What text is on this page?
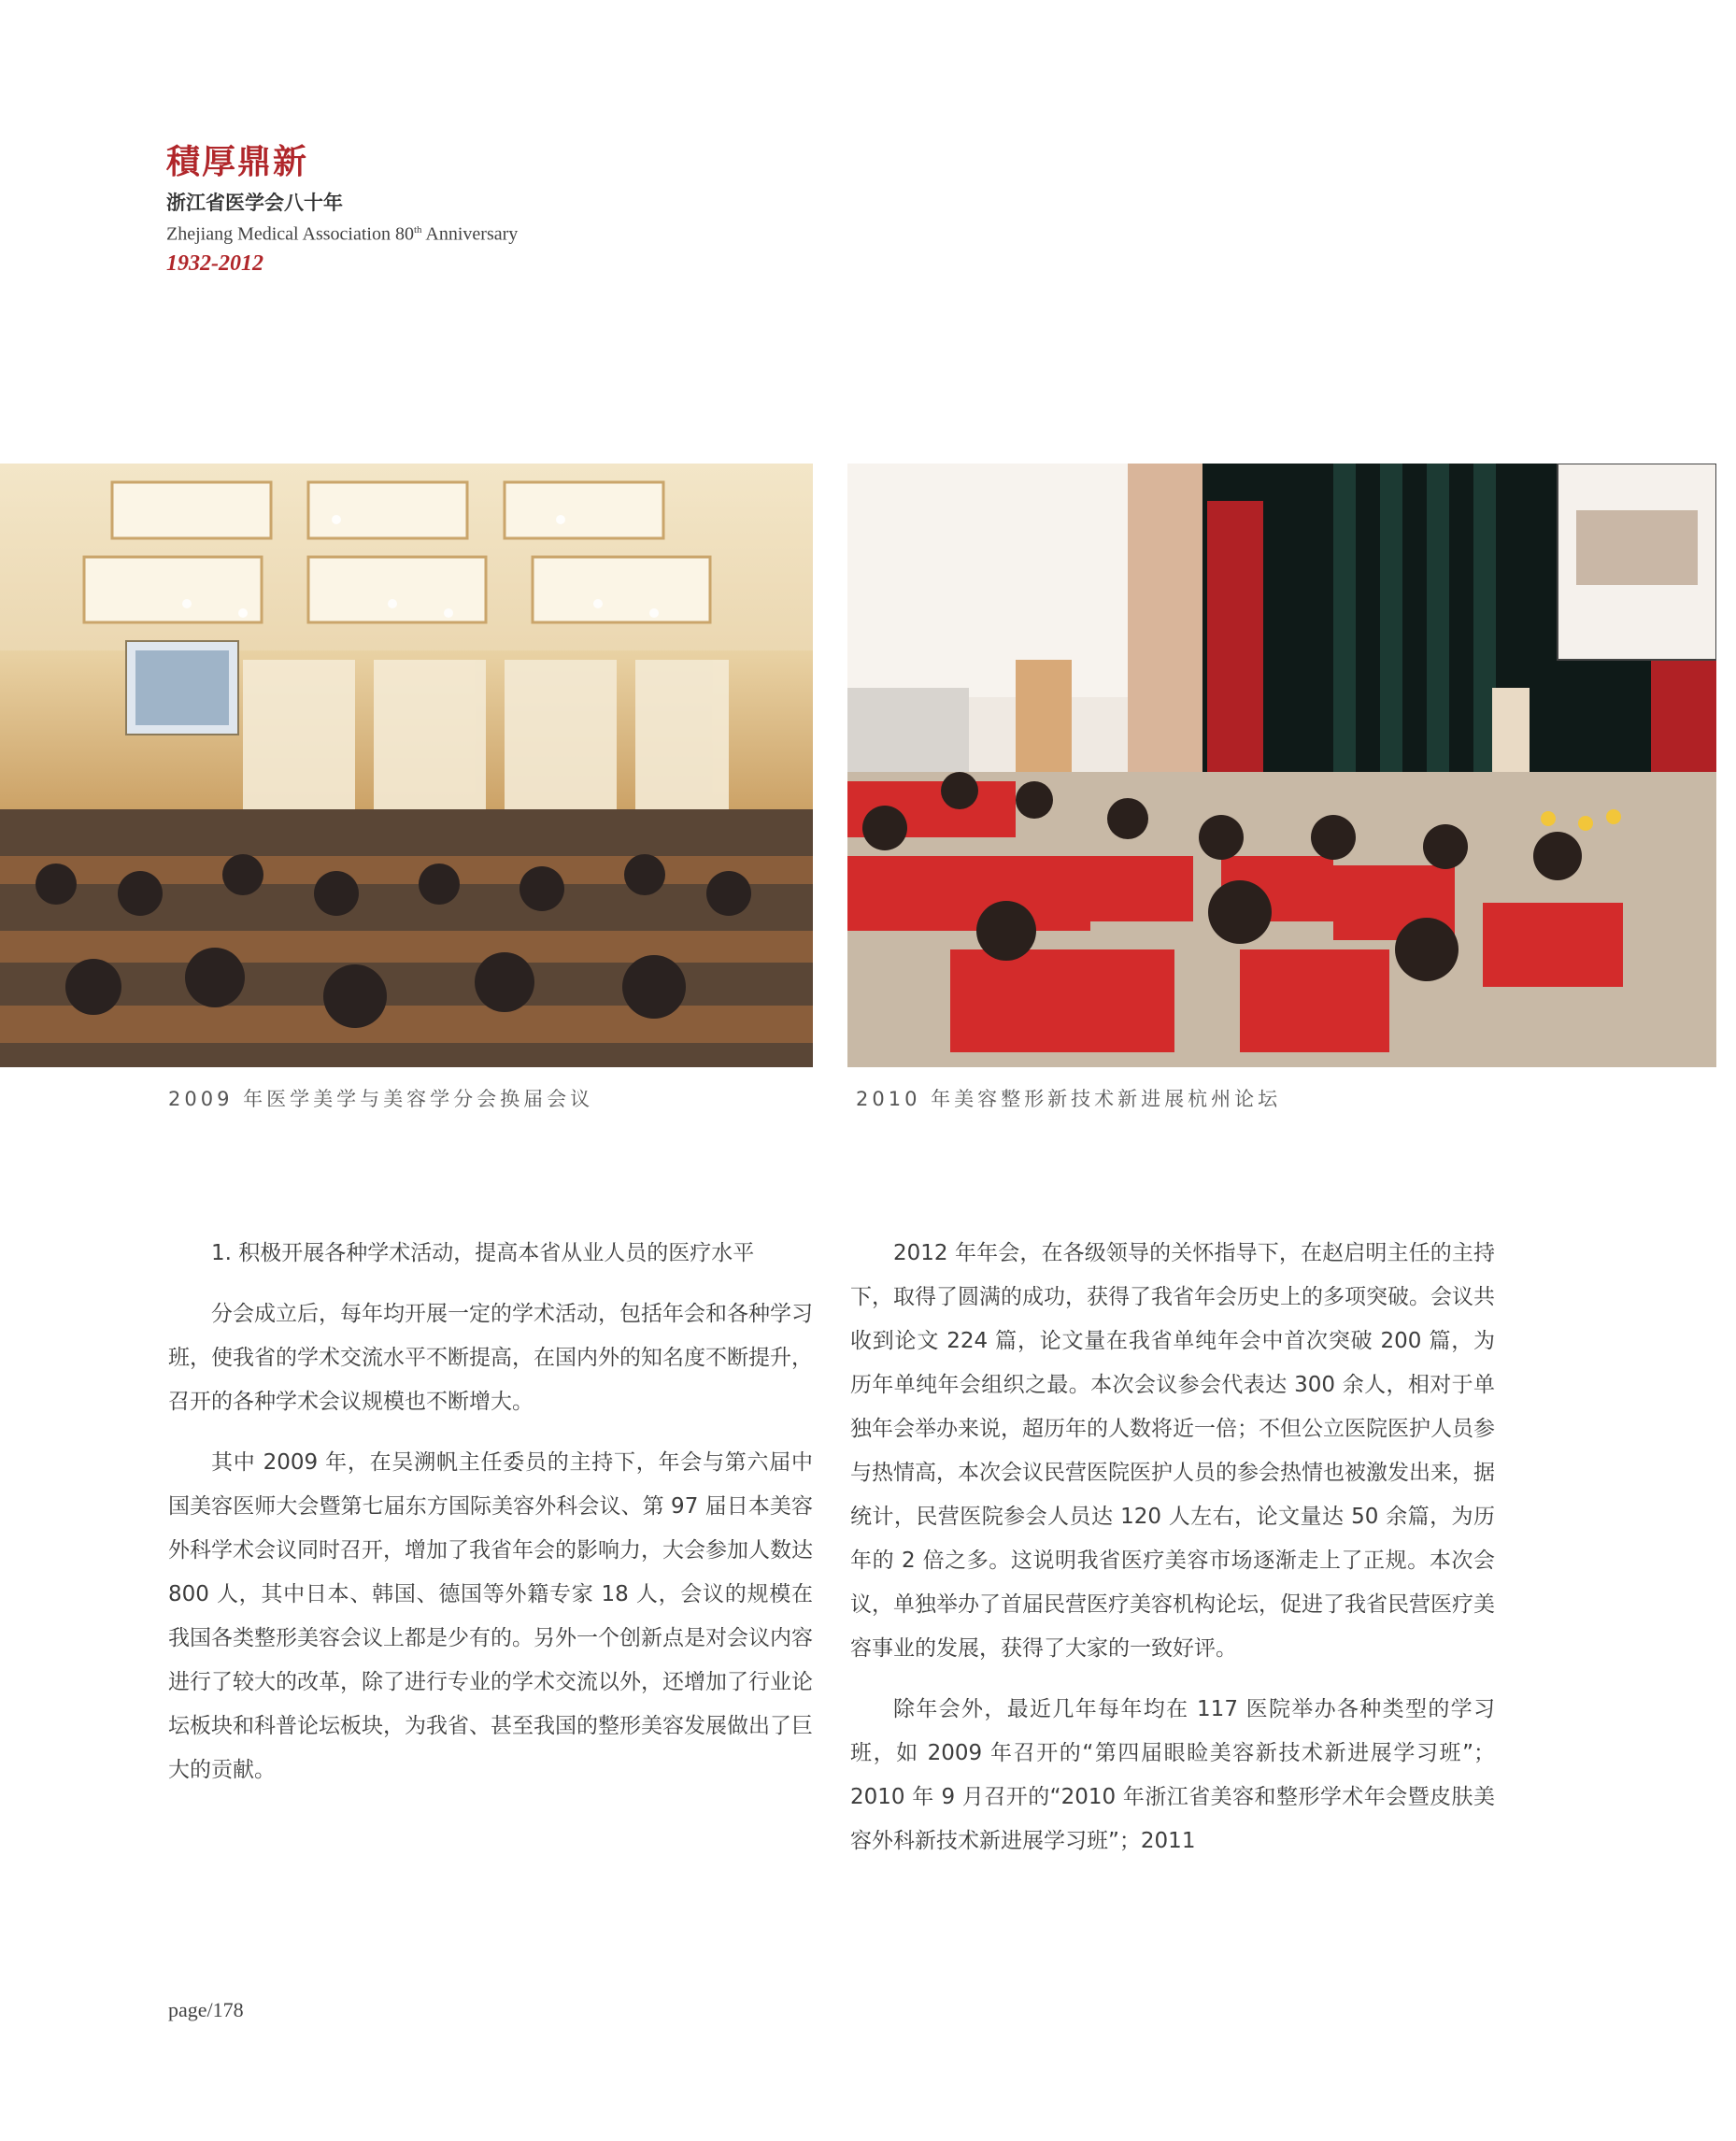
積厚鼎新
浙江省医学会八十年
Zhejiang Medical Association 80th Anniversary
1932-2012
2009 年医学美学与美容学分会换届会议	2010 年美容整形新技术新进展杭州论坛

1. 积极开展各种学术活动，提高本省从业人员的医疗水平

分会成立后，每年均开展一定的学术活动，包括年会和各种学习班，使我省的学术交流水平不断提高，在国内外的知名度不断提升，召开的各种学术会议规模也不断增大。

其中 2009 年，在吴溯帆主任委员的主持下，年会与第六届中国美容医师大会暨第七届东方国际美容外科会议、第 97 届日本美容外科学术会议同时召开，增加了我省年会的影响力，大会参加人数达 800 人，其中日本、韩国、德国等外籍专家 18 人，会议的规模在我国各类整形美容会议上都是少有的。另外一个创新点是对会议内容进行了较大的改革，除了进行专业的学术交流以外，还增加了行业论坛板块和科普论坛板块，为我省、甚至我国的整形美容发展做出了巨大的贡献。

2012 年年会，在各级领导的关怀指导下，在赵启明主任的主持下，取得了圆满的成功，获得了我省年会历史上的多项突破。会议共收到论文 224 篇，论文量在我省单纯年会中首次突破 200 篇，为历年单纯年会组织之最。本次会议参会代表达 300 余人，相对于单独年会举办来说，超历年的人数将近一倍；不但公立医院医护人员参与热情高，本次会议民营医院医护人员的参会热情也被激发出来，据统计，民营医院参会人员达 120 人左右，论文量达 50 余篇，为历年的 2 倍之多。这说明我省医疗美容市场逐渐走上了正规。本次会议，单独举办了首届民营医疗美容机构论坛，促进了我省民营医疗美容事业的发展，获得了大家的一致好评。

除年会外，最近几年每年均在 117 医院举办各种类型的学习班，如 2009 年召开的“第四届眼睑美容新技术新进展学习班”；2010 年 9 月召开的“2010 年浙江省美容和整形学术年会暨皮肤美容外科新技术新进展学习班”；2011

page/178
